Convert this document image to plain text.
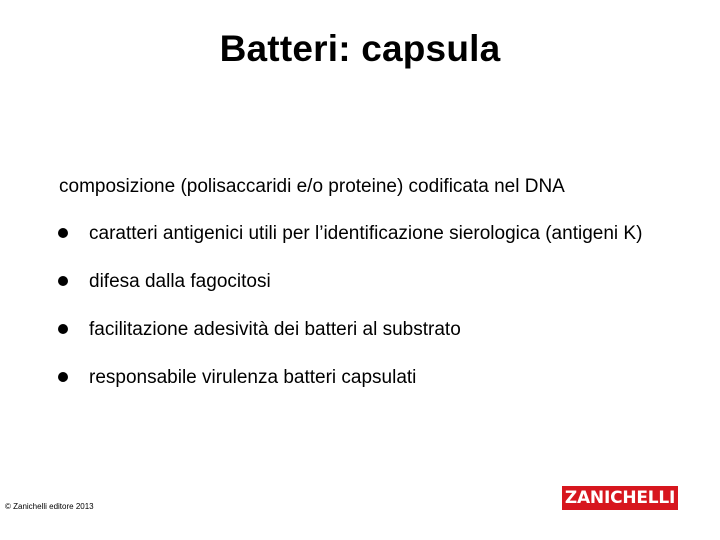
Batteri: capsula
composizione (polisaccaridi e/o proteine) codificata nel DNA
caratteri antigenici utili per l’identificazione sierologica (antigeni K)
difesa dalla fagocitosi
facilitazione adesività dei batteri al substrato
responsabile virulenza batteri capsulati
© Zanichelli editore 2013	ZANICHELLI
